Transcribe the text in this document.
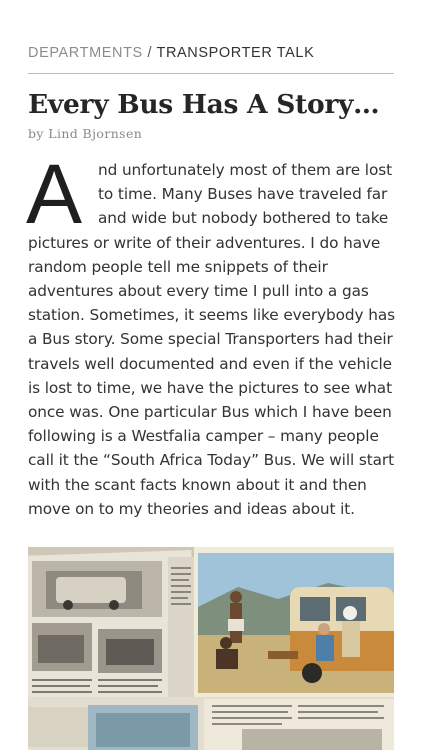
DEPARTMENTS / TRANSPORTER TALK
Every Bus Has A Story…
by Lind Bjornsen
A	nd unfortunately most of them are lost
to time. Many Buses have traveled far
and wide but nobody bothered to take
pictures or write of their adventures. I do have
random people tell me snippets of their
adventures about every time I pull into a gas
station. Sometimes, it seems like everybody has
a Bus story. Some special Transporters had their
travels well documented and even if the vehicle
is lost to time, we have the pictures to see what
once was. One particular Bus which I have been
following is a Westfalia camper – many people
call it the “South Africa Today” Bus. We will start
with the scant facts known about it and then
move on to my theories and ideas about it.
